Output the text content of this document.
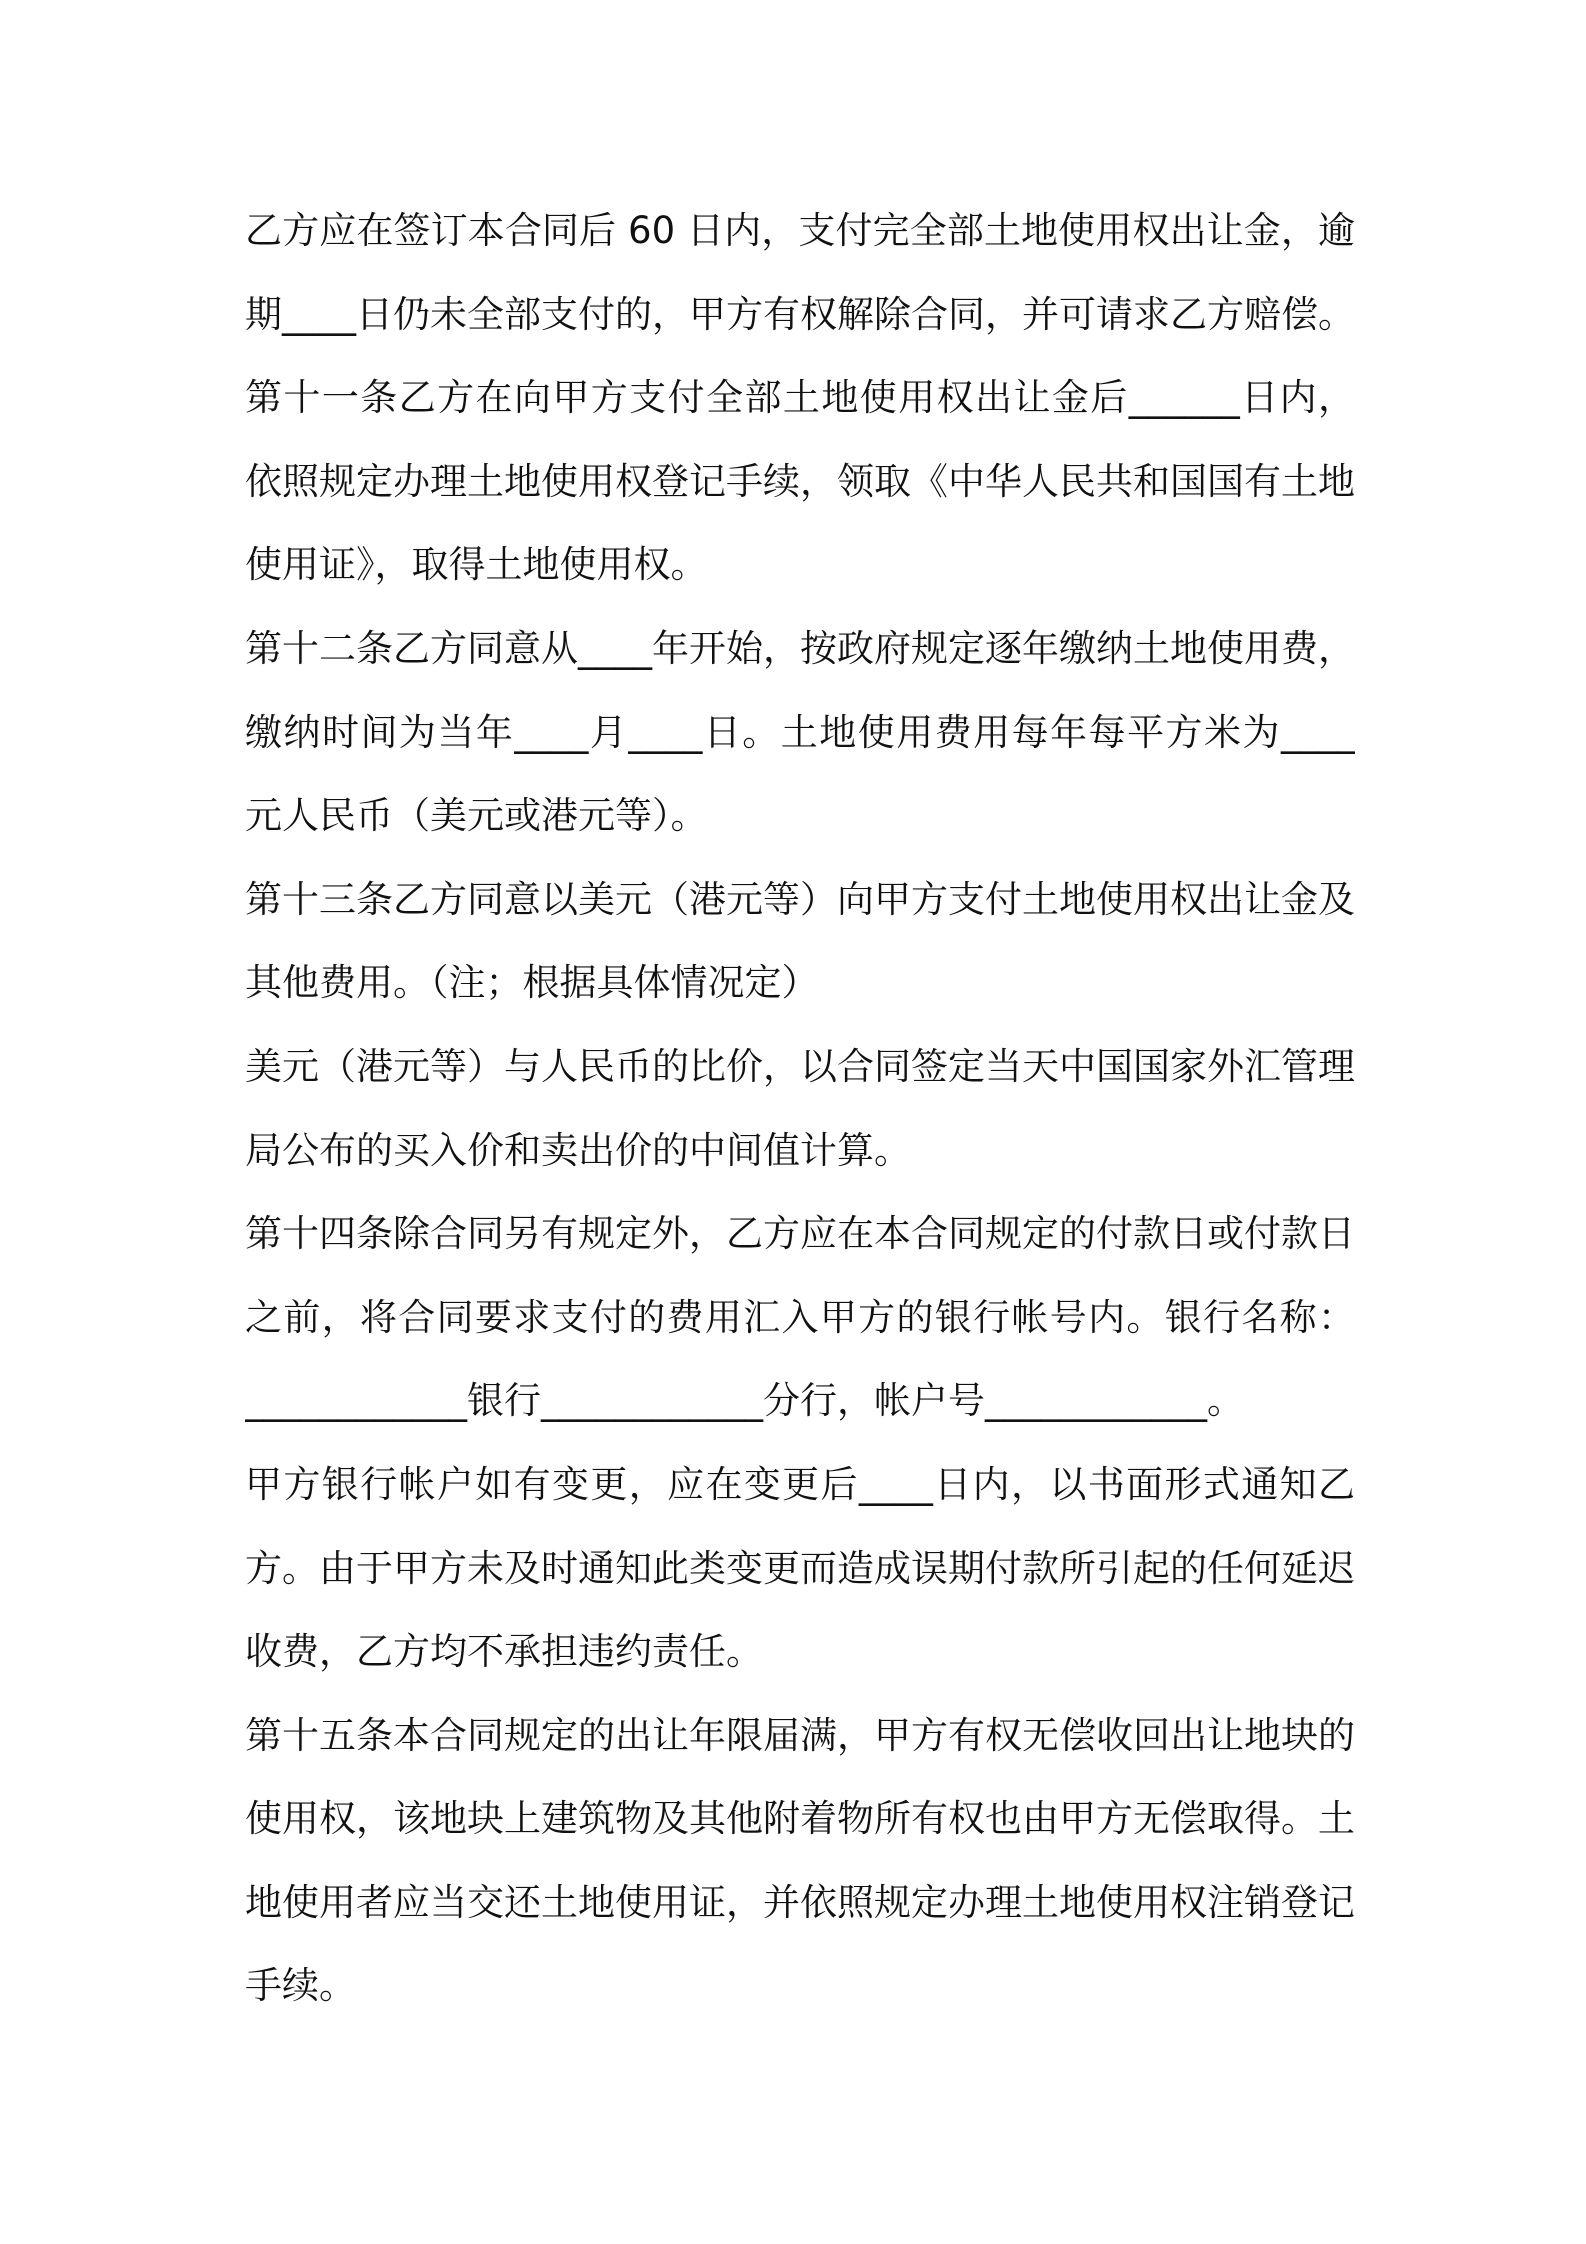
乙方应在签订本合同后 60 日内，支付完全部土地使用权出让金，逾
期____日仍未全部支付的，甲方有权解除合同，并可请求乙方赔偿。
第十一条乙方在向甲方支付全部土地使用权出让金后______日内，
依照规定办理土地使用权登记手续，领取《中华人民共和国国有土地
使用证》，取得土地使用权。
第十二条乙方同意从____年开始，按政府规定逐年缴纳土地使用费，
缴纳时间为当年____月____日。土地使用费用每年每平方米为____
元人民币（美元或港元等）。
第十三条乙方同意以美元（港元等）向甲方支付土地使用权出让金及
其他费用。（注；根据具体情况定）
美元（港元等）与人民币的比价，以合同签定当天中国国家外汇管理
局公布的买入价和卖出价的中间值计算。
第十四条除合同另有规定外，乙方应在本合同规定的付款日或付款日
之前，将合同要求支付的费用汇入甲方的银行帐号内。银行名称：
____________银行____________分行，帐户号____________。
甲方银行帐户如有变更，应在变更后____日内，以书面形式通知乙
方。由于甲方未及时通知此类变更而造成误期付款所引起的任何延迟
收费，乙方均不承担违约责任。
第十五条本合同规定的出让年限届满，甲方有权无偿收回出让地块的
使用权，该地块上建筑物及其他附着物所有权也由甲方无偿取得。土
地使用者应当交还土地使用证，并依照规定办理土地使用权注销登记
手续。
